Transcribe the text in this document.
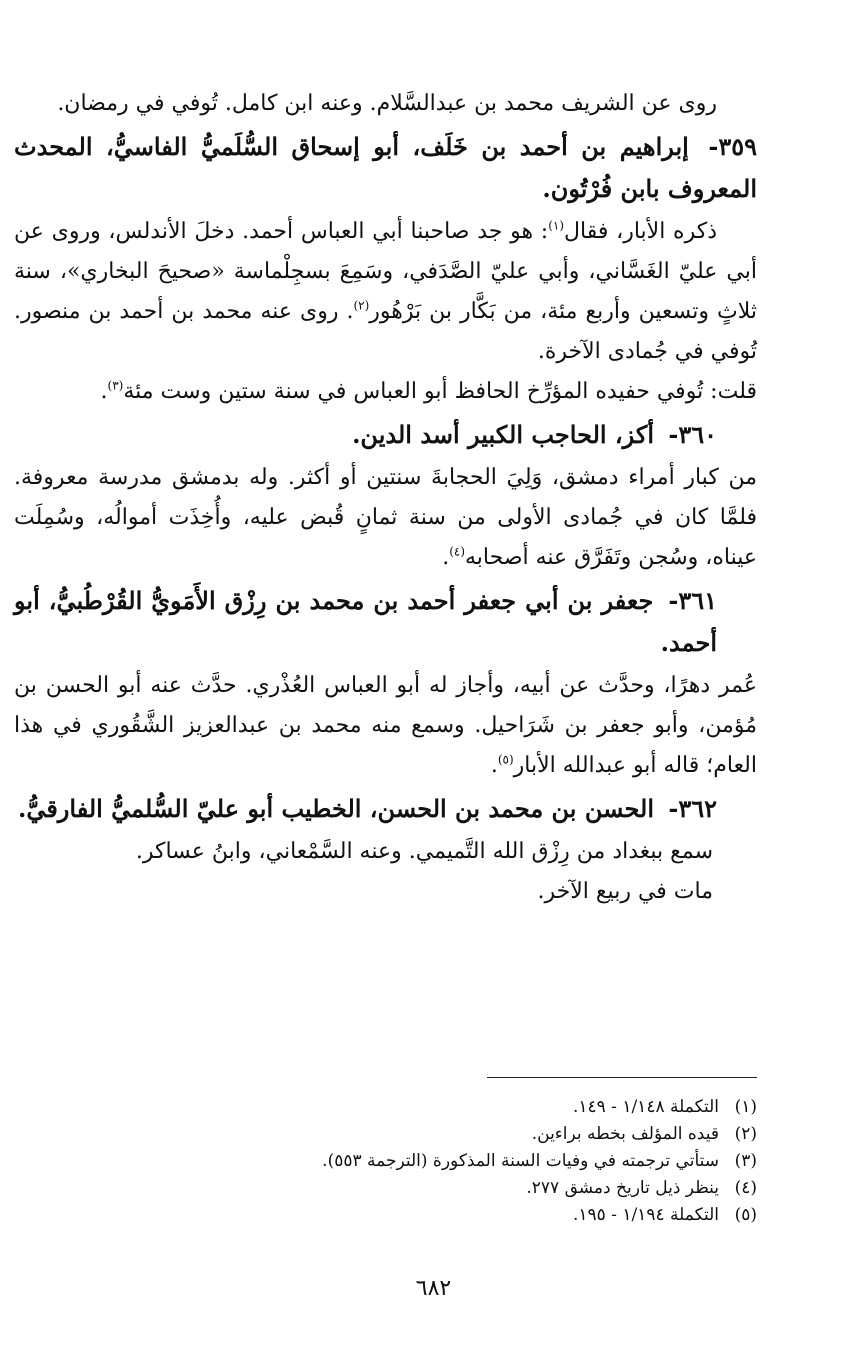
روى عن الشريف محمد بن عبدالسَّلام. وعنه ابن كامل. تُوفي في رمضان.

٣٥٩- إبراهيم بن أحمد بن خَلَف، أبو إسحاق السُّلَميُّ الفاسيُّ، المحدث المعروف بابن فُرْتُون.

ذكره الأبار، فقال$^{(١)}$: هو جد صاحبنا أبي العباس أحمد. دخلَ الأندلس، وروى عن أبي عليّ الغَسَّاني، وأبي عليّ الصَّدَفي، وسَمِعَ بسجِلْماسة «صحيحَ البخاري»، سنة ثلاثٍ وتسعين وأربع مئة، من بَكَّار بن بَرْهُور$^{(٢)}$. روى عنه محمد بن أحمد بن منصور. تُوفي في جُمادى الآخرة.

قلت: تُوفي حفيده المؤرِّخ الحافظ أبو العباس في سنة ستين وست مئة$^{(٣)}$.

٣٦٠- أكز، الحاجب الكبير أسد الدين.

من كبار أمراء دمشق، وَلِيَ الحجابةَ سنتين أو أكثر. وله بدمشق مدرسة معروفة. فلمَّا كان في جُمادى الأولى من سنة ثمانٍ قُبض عليه، وأُخِذَت أموالُه، وسُمِلَت عيناه، وسُجن وتَفَرَّق عنه أصحابه$^{(٤)}$.

٣٦١- جعفر بن أبي جعفر أحمد بن محمد بن رِزْق الأَمَويُّ القُرْطُبيُّ، أبو أحمد.

عُمر دهرًا، وحدَّث عن أبيه، وأجاز له أبو العباس العُذْري. حدَّث عنه أبو الحسن بن مُؤمن، وأبو جعفر بن شَرَاحيل. وسمع منه محمد بن عبدالعزيز الشَّقُوري في هذا العام؛ قاله أبو عبدالله الأبار$^{(٥)}$.

٣٦٢- الحسن بن محمد بن الحسن، الخطيب أبو عليّ السُّلميُّ الفارقيُّ.

سمع ببغداد من رِزْق الله التَّميمي. وعنه السَّمْعاني، وابنُ عساكر.

مات في ربيع الآخر.

(١)
التكملة ١/١٤٨ - ١٤٩.
(٢)
قيده المؤلف بخطه براءين.
(٣)
ستأتي ترجمته في وفيات السنة المذكورة (الترجمة ٥٥٣).
(٤)
ينظر ذيل تاريخ دمشق ٢٧٧.
(٥)
التكملة ١/١٩٤ - ١٩٥.
٦٨٢
